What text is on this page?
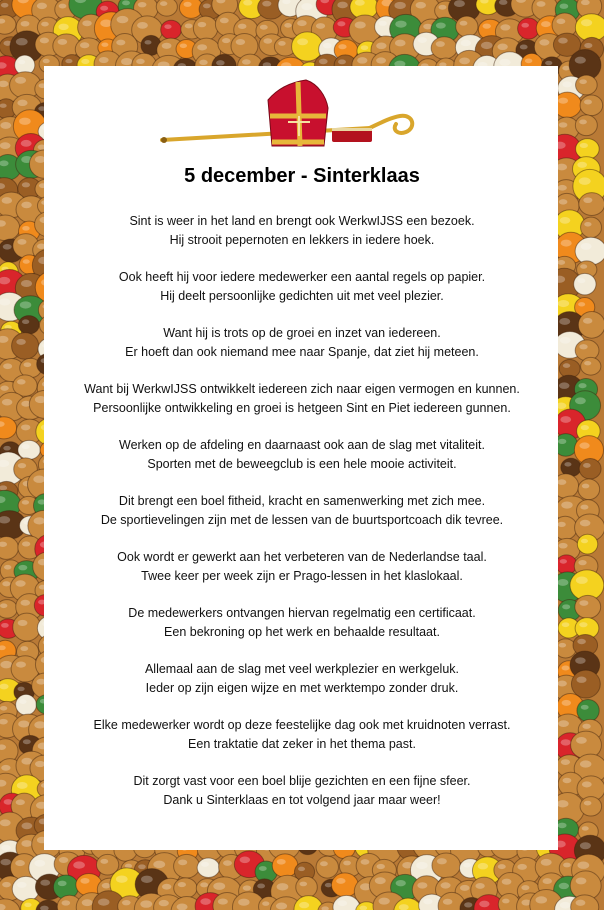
5 december - Sinterklaas

Sint is weer in het land en brengt ook WerkwIJSS een bezoek.
Hij strooit pepernoten en lekkers in iedere hoek.

Ook heeft hij voor iedere medewerker een aantal regels op papier.
Hij deelt persoonlijke gedichten uit met veel plezier.

Want hij is trots op de groei en inzet van iedereen.
Er hoeft dan ook niemand mee naar Spanje, dat ziet hij meteen.

Want bij WerkwIJSS ontwikkelt iedereen zich naar eigen vermogen en kunnen.
Persoonlijke ontwikkeling en groei is hetgeen Sint en Piet iedereen gunnen.

Werken op de afdeling en daarnaast ook aan de slag met vitaliteit.
Sporten met de beweegclub is een hele mooie activiteit.

Dit brengt een boel fitheid, kracht en samenwerking met zich mee.
De sportievelingen zijn met de lessen van de buurtsportcoach dik tevree.

Ook wordt er gewerkt aan het verbeteren van de Nederlandse taal.
Twee keer per week zijn er Prago-lessen in het klaslokaal.

De medewerkers ontvangen hiervan regelmatig een certificaat.
Een bekroning op het werk en behaalde resultaat.

Allemaal aan de slag met veel werkplezier en werkgeluk.
Ieder op zijn eigen wijze en met werktempo zonder druk.

Elke medewerker wordt op deze feestelijke dag ook met kruidnoten verrast.
Een traktatie dat zeker in het thema past.

Dit zorgt vast voor een boel blije gezichten en een fijne sfeer.
Dank u Sinterklaas en tot volgend jaar maar weer!
